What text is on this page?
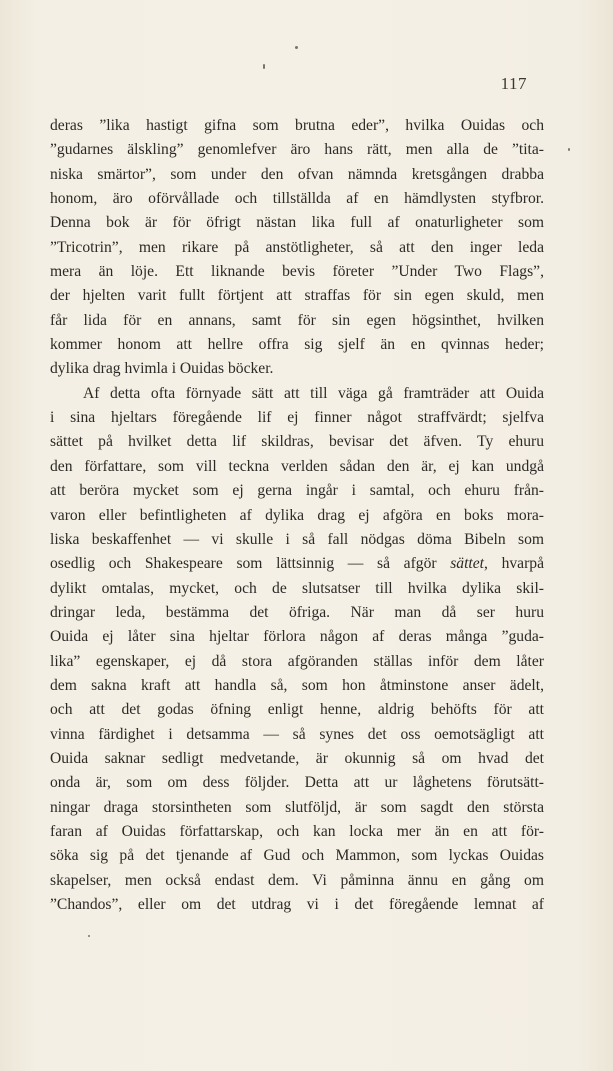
117
deras ”lika hastigt gifna som brutna eder”, hvilka Ouidas och
”gudarnes älskling” genomlefver äro hans rätt, men alla de ”tita-
niska smärtor”, som under den ofvan nämnda kretsgången drabba
honom, äro oförvållade och tillställda af en hämdlysten styfbror.
Denna bok är för öfrigt nästan lika full af onaturligheter som
”Tricotrin”, men rikare på anstötligheter, så att den inger leda
mera än löje. Ett liknande bevis företer ”Under Two Flags”,
der hjelten varit fullt förtjent att straffas för sin egen skuld, men
får lida för en annans, samt för sin egen högsinthet, hvilken
kommer honom att hellre offra sig sjelf än en qvinnas heder;
dylika drag hvimla i Ouidas böcker.
Af detta ofta förnyade sätt att till väga gå framträder att Ouida
i sina hjeltars föregående lif ej finner något straffvärdt; sjelfva
sättet på hvilket detta lif skildras, bevisar det äfven. Ty ehuru
den författare, som vill teckna verlden sådan den är, ej kan undgå
att beröra mycket som ej gerna ingår i samtal, och ehuru från-
varon eller befintligheten af dylika drag ej afgöra en boks mora-
liska beskaffenhet — vi skulle i så fall nödgas döma Bibeln som
osedlig och Shakespeare som lättsinnig — så afgör sättet, hvarpå
dylikt omtalas, mycket, och de slutsatser till hvilka dylika skil-
dringar leda, bestämma det öfriga. När man då ser huru
Ouida ej låter sina hjeltar förlora någon af deras många ”guda-
lika” egenskaper, ej då stora afgöranden ställas inför dem låter
dem sakna kraft att handla så, som hon åtminstone anser ädelt,
och att det godas öfning enligt henne, aldrig behöfts för att
vinna färdighet i detsamma — så synes det oss oemotsägligt att
Ouida saknar sedligt medvetande, är okunnig så om hvad det
onda är, som om dess följder. Detta att ur låghetens förutsätt-
ningar draga storsintheten som slutföljd, är som sagdt den största
faran af Ouidas författarskap, och kan locka mer än en att för-
söka sig på det tjenande af Gud och Mammon, som lyckas Ouidas
skapelser, men också endast dem. Vi påminna ännu en gång om
”Chandos”, eller om det utdrag vi i det föregående lemnat af
